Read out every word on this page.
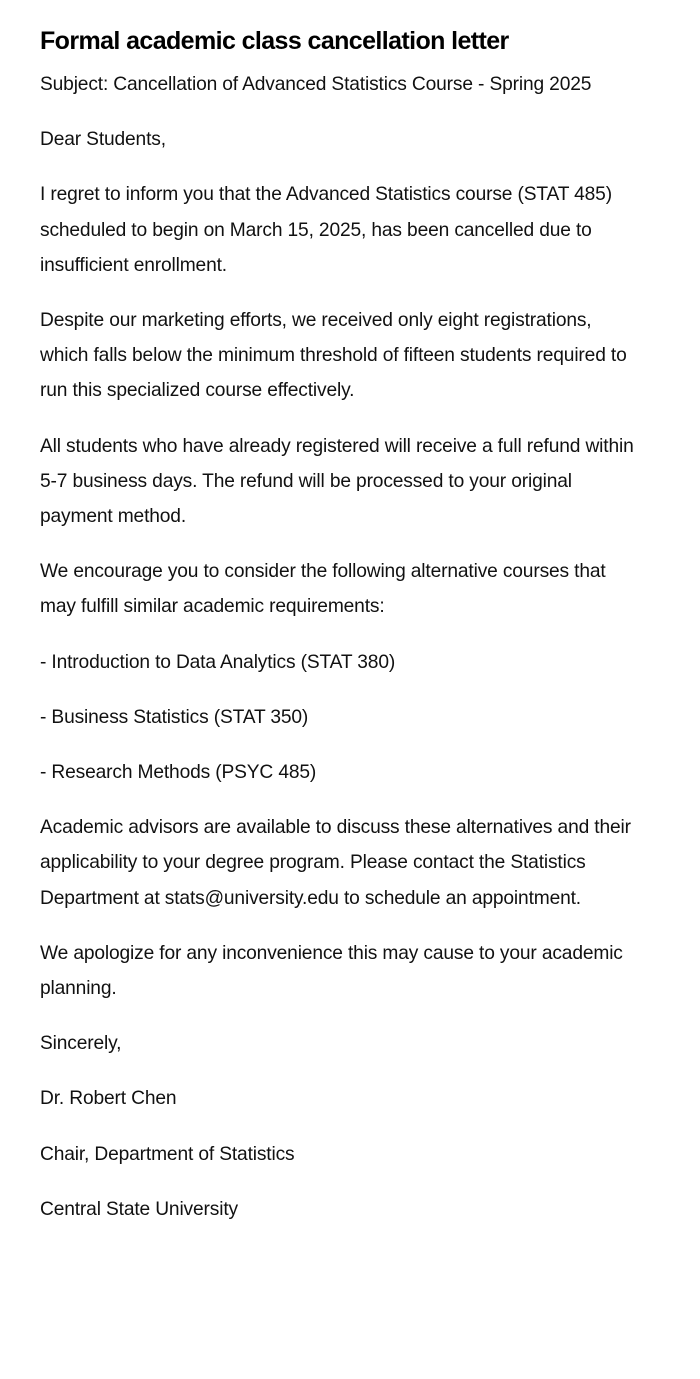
Formal academic class cancellation letter

Subject: Cancellation of Advanced Statistics Course - Spring 2025

Dear Students,

I regret to inform you that the Advanced Statistics course (STAT 485) scheduled to begin on March 15, 2025, has been cancelled due to insufficient enrollment.

Despite our marketing efforts, we received only eight registrations, which falls below the minimum threshold of fifteen students required to run this specialized course effectively.

All students who have already registered will receive a full refund within 5-7 business days. The refund will be processed to your original payment method.

We encourage you to consider the following alternative courses that may fulfill similar academic requirements:

- Introduction to Data Analytics (STAT 380)

- Business Statistics (STAT 350)

- Research Methods (PSYC 485)

Academic advisors are available to discuss these alternatives and their applicability to your degree program. Please contact the Statistics Department at stats@university.edu to schedule an appointment.

We apologize for any inconvenience this may cause to your academic planning.

Sincerely,

Dr. Robert Chen

Chair, Department of Statistics

Central State University
